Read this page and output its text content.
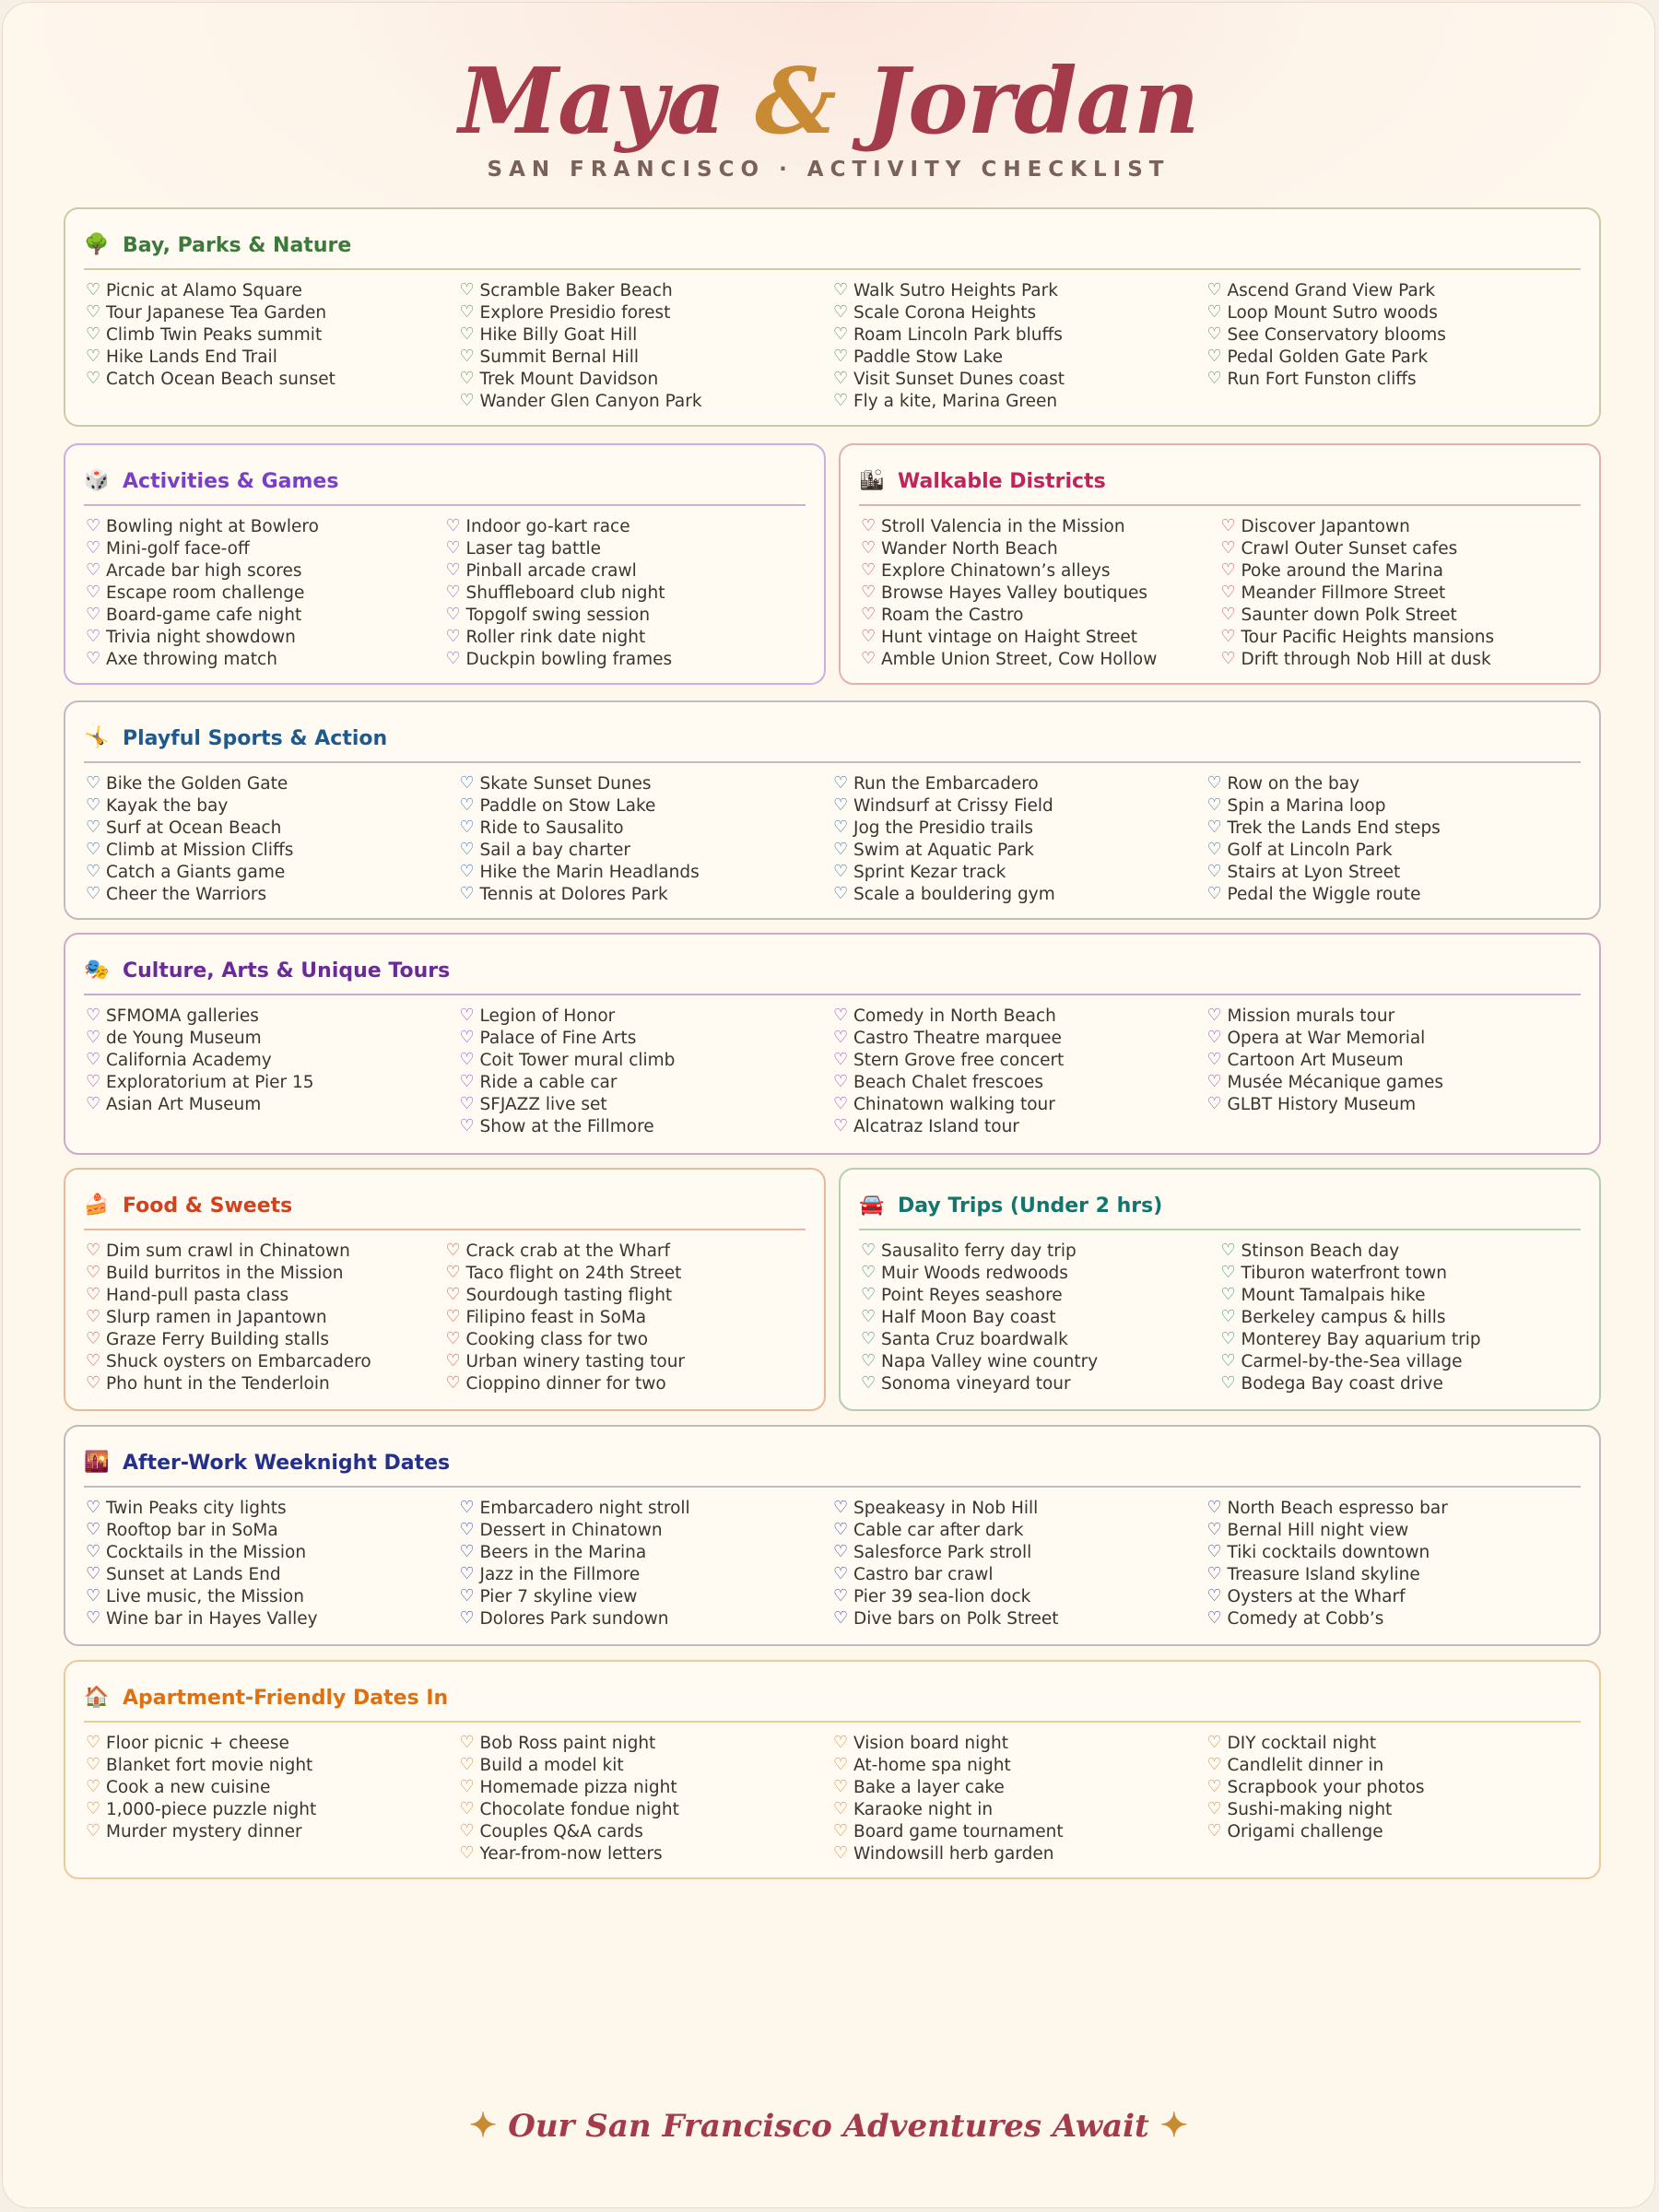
Maya & Jordan
SAN FRANCISCO · ACTIVITY CHECKLIST
🌳 Bay, Parks & Nature
♡ Picnic at Alamo Square
♡ Tour Japanese Tea Garden
♡ Climb Twin Peaks summit
♡ Hike Lands End Trail
♡ Catch Ocean Beach sunset
♡ Scramble Baker Beach
♡ Explore Presidio forest
♡ Hike Billy Goat Hill
♡ Summit Bernal Hill
♡ Trek Mount Davidson
♡ Wander Glen Canyon Park
♡ Walk Sutro Heights Park
♡ Scale Corona Heights
♡ Roam Lincoln Park bluffs
♡ Paddle Stow Lake
♡ Visit Sunset Dunes coast
♡ Fly a kite, Marina Green
♡ Ascend Grand View Park
♡ Loop Mount Sutro woods
♡ See Conservatory blooms
♡ Pedal Golden Gate Park
♡ Run Fort Funston cliffs
🎲 Activities & Games
♡ Bowling night at Bowlero
♡ Mini-golf face-off
♡ Arcade bar high scores
♡ Escape room challenge
♡ Board-game cafe night
♡ Trivia night showdown
♡ Axe throwing match
♡ Indoor go-kart race
♡ Laser tag battle
♡ Pinball arcade crawl
♡ Shuffleboard club night
♡ Topgolf swing session
♡ Roller rink date night
♡ Duckpin bowling frames
🏙 Walkable Districts
♡ Stroll Valencia in the Mission
♡ Wander North Beach
♡ Explore Chinatown’s alleys
♡ Browse Hayes Valley boutiques
♡ Roam the Castro
♡ Hunt vintage on Haight Street
♡ Amble Union Street, Cow Hollow
♡ Discover Japantown
♡ Crawl Outer Sunset cafes
♡ Poke around the Marina
♡ Meander Fillmore Street
♡ Saunter down Polk Street
♡ Tour Pacific Heights mansions
♡ Drift through Nob Hill at dusk
🤸 Playful Sports & Action
♡ Bike the Golden Gate
♡ Kayak the bay
♡ Surf at Ocean Beach
♡ Climb at Mission Cliffs
♡ Catch a Giants game
♡ Cheer the Warriors
♡ Skate Sunset Dunes
♡ Paddle on Stow Lake
♡ Ride to Sausalito
♡ Sail a bay charter
♡ Hike the Marin Headlands
♡ Tennis at Dolores Park
♡ Run the Embarcadero
♡ Windsurf at Crissy Field
♡ Jog the Presidio trails
♡ Swim at Aquatic Park
♡ Sprint Kezar track
♡ Scale a bouldering gym
♡ Row on the bay
♡ Spin a Marina loop
♡ Trek the Lands End steps
♡ Golf at Lincoln Park
♡ Stairs at Lyon Street
♡ Pedal the Wiggle route
🎭 Culture, Arts & Unique Tours
♡ SFMOMA galleries
♡ de Young Museum
♡ California Academy
♡ Exploratorium at Pier 15
♡ Asian Art Museum
♡ Legion of Honor
♡ Palace of Fine Arts
♡ Coit Tower mural climb
♡ Ride a cable car
♡ SFJAZZ live set
♡ Show at the Fillmore
♡ Comedy in North Beach
♡ Castro Theatre marquee
♡ Stern Grove free concert
♡ Beach Chalet frescoes
♡ Chinatown walking tour
♡ Alcatraz Island tour
♡ Mission murals tour
♡ Opera at War Memorial
♡ Cartoon Art Museum
♡ Musée Mécanique games
♡ GLBT History Museum
🍰 Food & Sweets
♡ Dim sum crawl in Chinatown
♡ Build burritos in the Mission
♡ Hand-pull pasta class
♡ Slurp ramen in Japantown
♡ Graze Ferry Building stalls
♡ Shuck oysters on Embarcadero
♡ Pho hunt in the Tenderloin
♡ Crack crab at the Wharf
♡ Taco flight on 24th Street
♡ Sourdough tasting flight
♡ Filipino feast in SoMa
♡ Cooking class for two
♡ Urban winery tasting tour
♡ Cioppino dinner for two
🚘 Day Trips (Under 2 hrs)
♡ Sausalito ferry day trip
♡ Muir Woods redwoods
♡ Point Reyes seashore
♡ Half Moon Bay coast
♡ Santa Cruz boardwalk
♡ Napa Valley wine country
♡ Sonoma vineyard tour
♡ Stinson Beach day
♡ Tiburon waterfront town
♡ Mount Tamalpais hike
♡ Berkeley campus & hills
♡ Monterey Bay aquarium trip
♡ Carmel-by-the-Sea village
♡ Bodega Bay coast drive
🌇 After-Work Weeknight Dates
♡ Twin Peaks city lights
♡ Rooftop bar in SoMa
♡ Cocktails in the Mission
♡ Sunset at Lands End
♡ Live music, the Mission
♡ Wine bar in Hayes Valley
♡ Embarcadero night stroll
♡ Dessert in Chinatown
♡ Beers in the Marina
♡ Jazz in the Fillmore
♡ Pier 7 skyline view
♡ Dolores Park sundown
♡ Speakeasy in Nob Hill
♡ Cable car after dark
♡ Salesforce Park stroll
♡ Castro bar crawl
♡ Pier 39 sea-lion dock
♡ Dive bars on Polk Street
♡ North Beach espresso bar
♡ Bernal Hill night view
♡ Tiki cocktails downtown
♡ Treasure Island skyline
♡ Oysters at the Wharf
♡ Comedy at Cobb’s
🏠 Apartment-Friendly Dates In
♡ Floor picnic + cheese
♡ Blanket fort movie night
♡ Cook a new cuisine
♡ 1,000-piece puzzle night
♡ Murder mystery dinner
♡ Bob Ross paint night
♡ Build a model kit
♡ Homemade pizza night
♡ Chocolate fondue night
♡ Couples Q&A cards
♡ Year-from-now letters
♡ Vision board night
♡ At-home spa night
♡ Bake a layer cake
♡ Karaoke night in
♡ Board game tournament
♡ Windowsill herb garden
♡ DIY cocktail night
♡ Candlelit dinner in
♡ Scrapbook your photos
♡ Sushi-making night
♡ Origami challenge
✦ Our San Francisco Adventures Await ✦
